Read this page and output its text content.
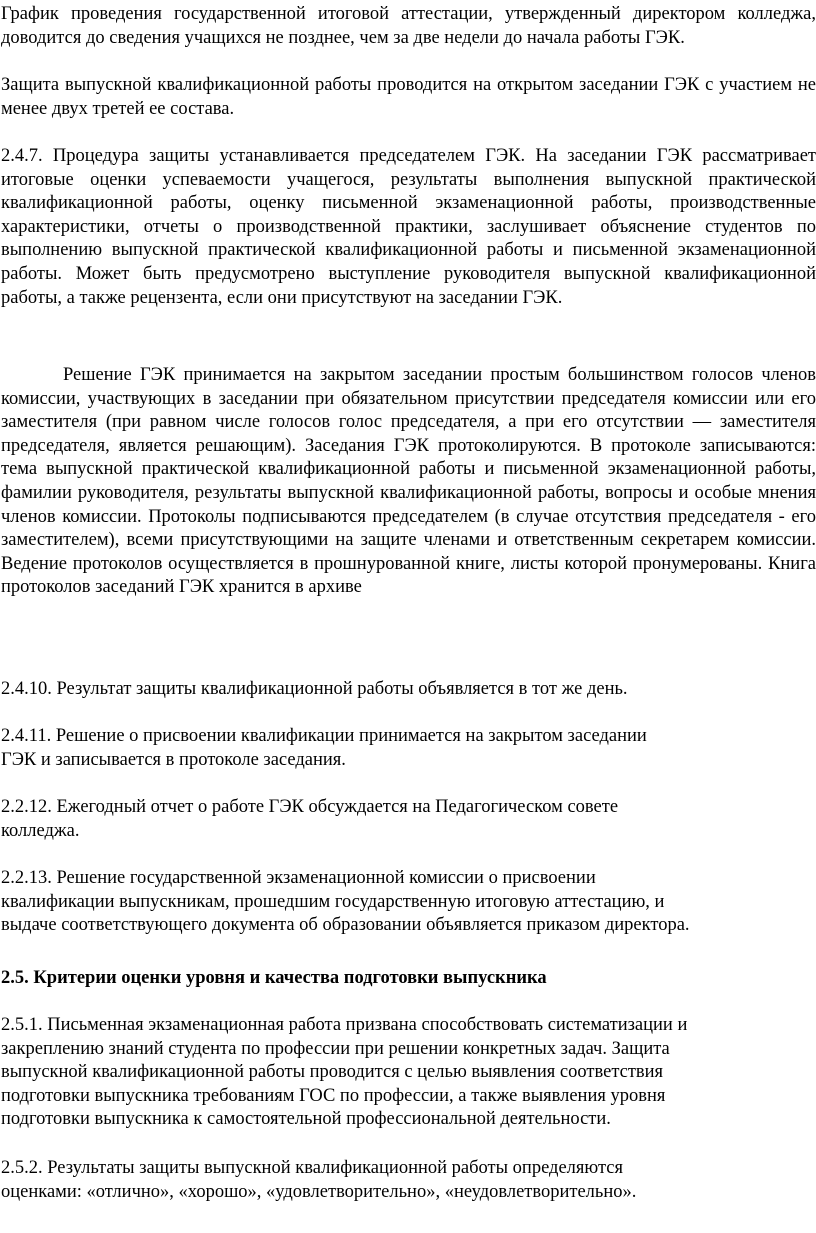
График проведения государственной итоговой аттестации, утвержденный директором колледжа, доводится до сведения учащихся не позднее, чем за две недели до начала работы ГЭК.

Защита выпускной квалификационной работы проводится на открытом заседании ГЭК с участием не менее двух третей ее состава.

2.4.7. Процедура защиты устанавливается председателем ГЭК. На заседании ГЭК рассматривает итоговые оценки успеваемости учащегося, результаты выполнения выпускной практической квалификационной работы, оценку письменной экзаменационной работы, производственные характеристики, отчеты о производственной практики, заслушивает объяснение студентов по выполнению выпускной практической квалификационной работы и письменной экзаменационной работы. Может быть предусмотрено выступление руководителя выпускной квалификационной работы, а также рецензента, если они присутствуют на заседании ГЭК.

Решение ГЭК принимается на закрытом заседании простым большинством голосов членов комиссии, участвующих в заседании при обязательном присутствии председателя комиссии или его заместителя (при равном числе голосов голос председателя, а при его отсутствии — заместителя председателя, является решающим). Заседания ГЭК протоколируются. В протоколе записываются: тема выпускной практической квалификационной работы и письменной экзаменационной работы, фамилии руководителя, результаты выпускной квалификационной работы, вопросы и особые мнения членов комиссии. Протоколы подписываются председателем (в случае отсутствия председателя - его заместителем), всеми присутствующими на защите членами и ответственным секретарем комиссии. Ведение протоколов осуществляется в прошнурованной книге, листы которой пронумерованы. Книга протоколов заседаний ГЭК хранится в архиве

2.4.10. Результат защиты квалификационной работы объявляется в тот же день.

2.4.11. Решение о присвоении квалификации принимается на закрытом заседании
ГЭК и записывается в протоколе заседания.
2.2.12. Ежегодный отчет о работе ГЭК обсуждается на Педагогическом совете
колледжа.
2.2.13. Решение государственной экзаменационной комиссии о присвоении
квалификации выпускникам, прошедшим государственную итоговую аттестацию, и
выдаче соответствующего документа об образовании объявляется приказом директора.
2.5. Критерии оценки уровня и качества подготовки выпускника
2.5.1. Письменная экзаменационная работа призвана способствовать систематизации и
закреплению знаний студента по профессии при решении конкретных задач. Защита
выпускной квалификационной работы проводится с целью выявления соответствия
подготовки выпускника требованиям ГОС по профессии, а также выявления уровня
подготовки выпускника к самостоятельной профессиональной деятельности.
2.5.2. Результаты защиты выпускной квалификационной работы определяются
оценками: «отлично», «хорошо», «удовлетворительно», «неудовлетворительно».
